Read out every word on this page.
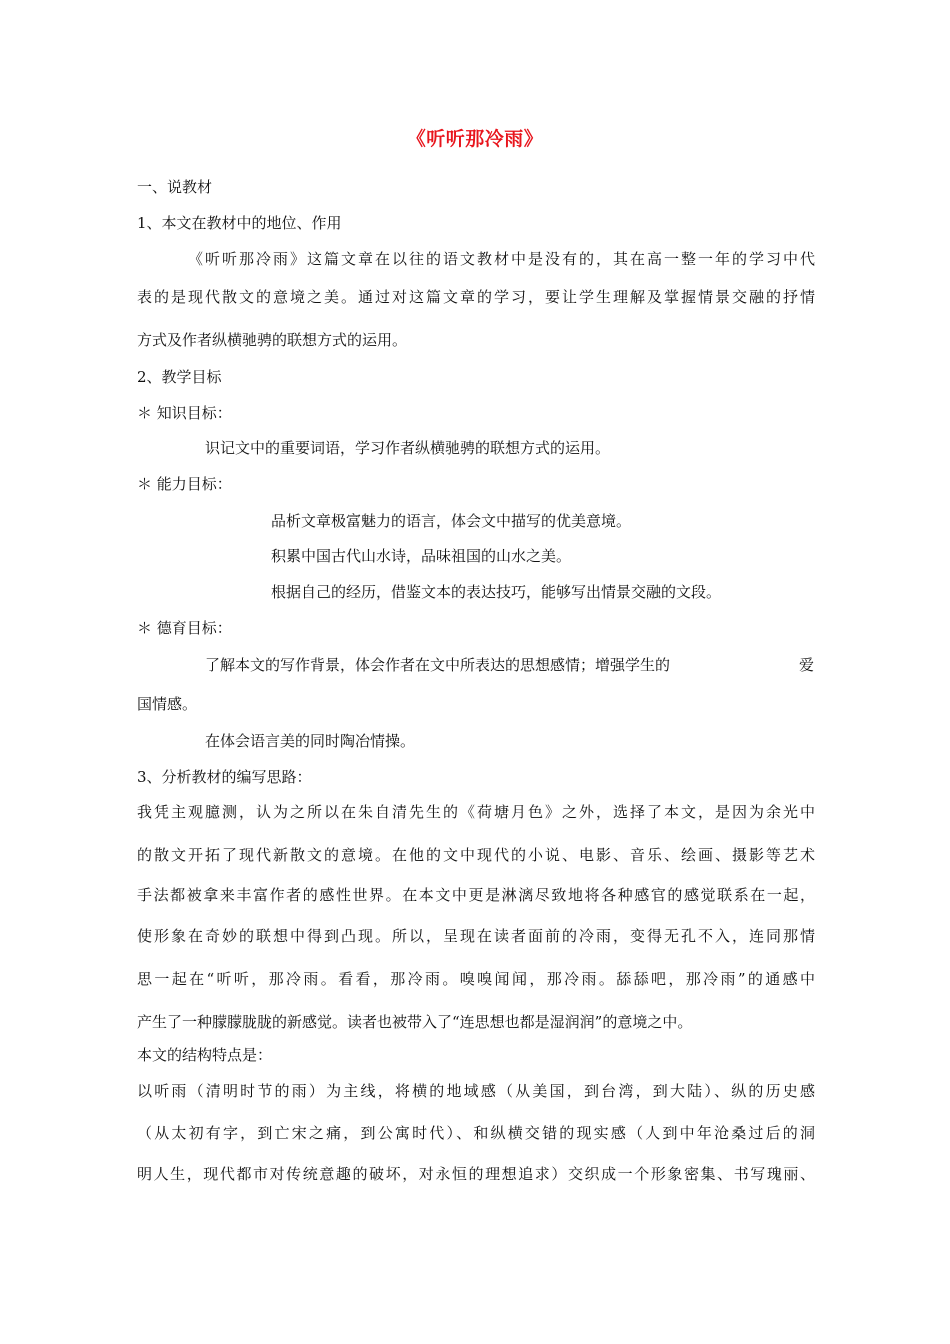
《听听那冷雨》
一、说教材
1、本文在教材中的地位、作用
《听听那冷雨》这篇文章在以往的语文教材中是没有的，其在高一整一年的学习中代
表的是现代散文的意境之美。通过对这篇文章的学习，要让学生理解及掌握情景交融的抒情
方式及作者纵横驰骋的联想方式的运用。
2、教学目标
＊ 知识目标：
识记文中的重要词语，学习作者纵横驰骋的联想方式的运用。
＊ 能力目标：
品析文章极富魅力的语言，体会文中描写的优美意境。
积累中国古代山水诗，品味祖国的山水之美。
根据自己的经历，借鉴文本的表达技巧，能够写出情景交融的文段。
＊ 德育目标：
了解本文的写作背景，体会作者在文中所表达的思想感情；增强学生的	爱
国情感。
在体会语言美的同时陶冶情操。
3、分析教材的编写思路：
我凭主观臆测，认为之所以在朱自清先生的《荷塘月色》之外，选择了本文，是因为余光中
的散文开拓了现代新散文的意境。在他的文中现代的小说、电影、音乐、绘画、摄影等艺术
手法都被拿来丰富作者的感性世界。在本文中更是淋漓尽致地将各种感官的感觉联系在一起，
使形象在奇妙的联想中得到凸现。所以，呈现在读者面前的冷雨，变得无孔不入，连同那情
思一起在“听听，那冷雨。看看，那冷雨。嗅嗅闻闻，那冷雨。舔舔吧，那冷雨”的通感中
产生了一种朦朦胧胧的新感觉。读者也被带入了“连思想也都是湿润润”的意境之中。
本文的结构特点是：
以听雨（清明时节的雨）为主线，将横的地域感（从美国，到台湾，到大陆）、纵的历史感
（从太初有字，到亡宋之痛，到公寓时代）、和纵横交错的现实感（人到中年沧桑过后的洞
明人生，现代都市对传统意趣的破坏，对永恒的理想追求）交织成一个形象密集、书写瑰丽、
